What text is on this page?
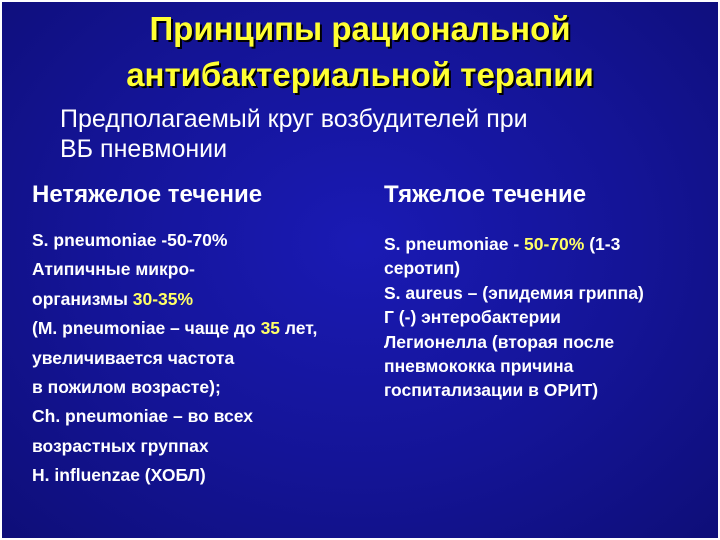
Принципы рациональной
антибактериальной терапии
Предполагаемый круг возбудителей при
ВБ пневмонии
Нетяжелое течение	Тяжелое течение
S. pneumoniae -50-70%
Атипичные микро-
организмы 30-35%
(M. pneumoniae – чаще до 35 лет,
увеличивается частота
в пожилом возрасте);
Ch. pneumoniae – во всех
возрастных группах
H. influenzae (ХОБЛ)
S. pneumoniae - 50-70% (1-3
серотип)
S. aureus – (эпидемия гриппа)
Г (-) энтеробактерии
Легионелла (вторая после
пневмококка причина
госпитализации в ОРИТ)
